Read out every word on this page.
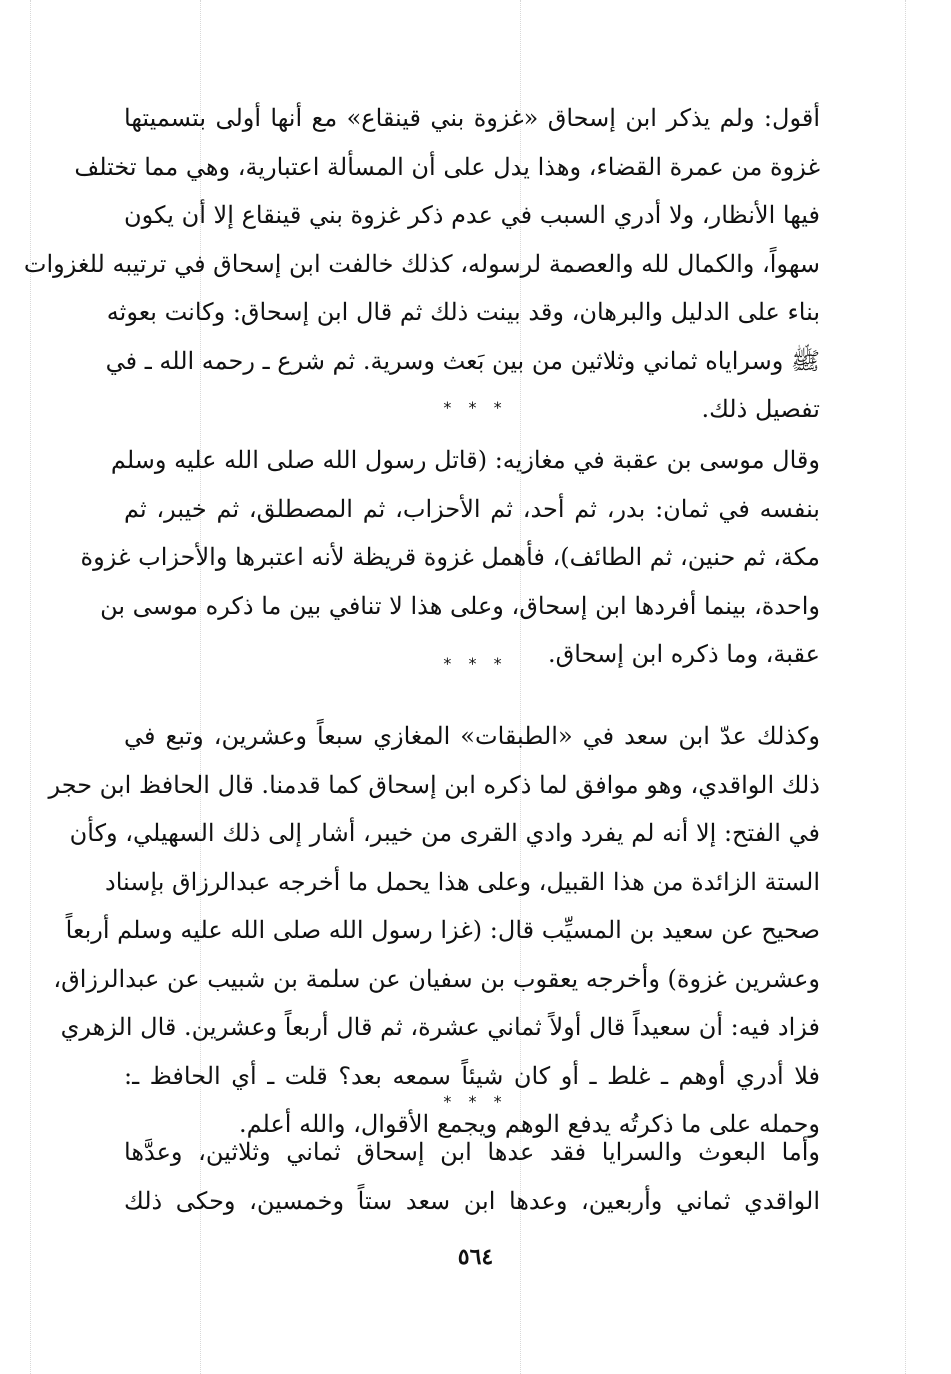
أقول: ولم يذكر ابن إسحاق «غزوة بني قينقاع» مع أنها أولى بتسميتها
غزوة من عمرة القضاء، وهذا يدل على أن المسألة اعتبارية، وهي مما تختلف
فيها الأنظار، ولا أدري السبب في عدم ذكر غزوة بني قينقاع إلا أن يكون
سهواً، والكمال لله والعصمة لرسوله، كذلك خالفت ابن إسحاق في ترتيبه للغزوات
بناء على الدليل والبرهان، وقد بينت ذلك ثم قال ابن إسحاق: وكانت بعوثه
ﷺ وسراياه ثماني وثلاثين من بين بَعث وسرية. ثم شرع ـ رحمه الله ـ في
تفصيل ذلك.
* * *
وقال موسى بن عقبة في مغازيه: (قاتل رسول الله صلى الله عليه وسلم
بنفسه في ثمان: بدر، ثم أحد، ثم الأحزاب، ثم المصطلق، ثم خيبر، ثم
مكة، ثم حنين، ثم الطائف)، فأهمل غزوة قريظة لأنه اعتبرها والأحزاب غزوة
واحدة، بينما أفردها ابن إسحاق، وعلى هذا لا تنافي بين ما ذكره موسى بن
عقبة، وما ذكره ابن إسحاق.
* * *
وكذلك عدّ ابن سعد في «الطبقات» المغازي سبعاً وعشرين، وتبع في
ذلك الواقدي، وهو موافق لما ذكره ابن إسحاق كما قدمنا. قال الحافظ ابن حجر
في الفتح: إلا أنه لم يفرد وادي القرى من خيبر، أشار إلى ذلك السهيلي، وكأن
الستة الزائدة من هذا القبيل، وعلى هذا يحمل ما أخرجه عبدالرزاق بإسناد
صحيح عن سعيد بن المسيِّب قال: (غزا رسول الله صلى الله عليه وسلم أربعاً
وعشرين غزوة) وأخرجه يعقوب بن سفيان عن سلمة بن شبيب عن عبدالرزاق،
فزاد فيه: أن سعيداً قال أولاً ثماني عشرة، ثم قال أربعاً وعشرين. قال الزهري
فلا أدري أوهم ـ غلط ـ أو كان شيئاً سمعه بعد؟ قلت ـ أي الحافظ ـ:
وحمله على ما ذكرتُه يدفع الوهم ويجمع الأقوال، والله أعلم.
* * *
وأما البعوث والسرايا فقد عدها ابن إسحاق ثماني وثلاثين، وعدَّها
الواقدي ثماني وأربعين، وعدها ابن سعد ستاً وخمسين، وحكى ذلك
٥٦٤
